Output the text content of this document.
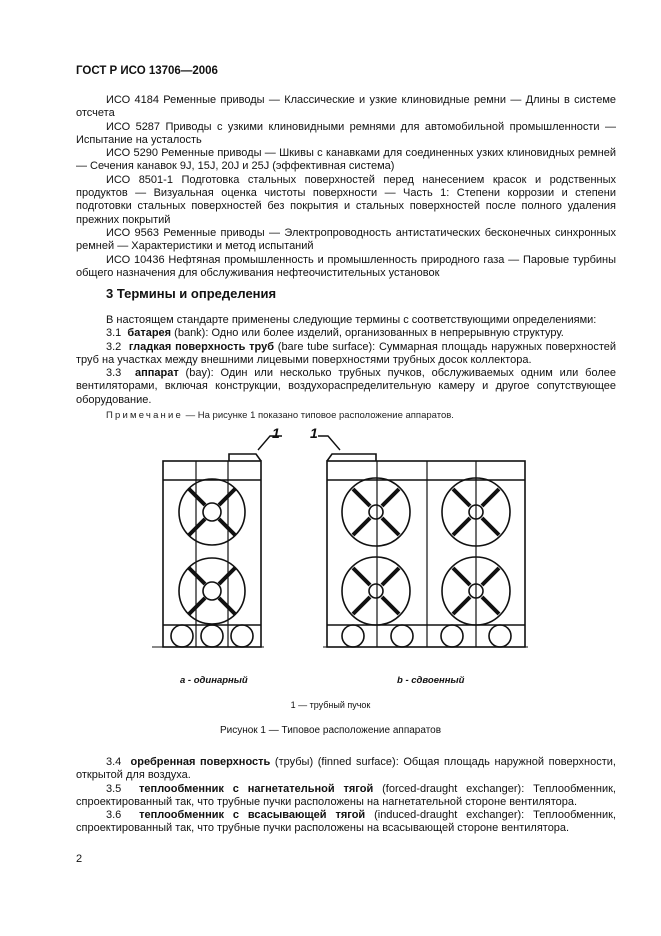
ГОСТ Р ИСО 13706—2006

ИСО 4184 Ременные приводы — Классические и узкие клиновидные ремни — Длины в системе отсчета

ИСО 5287 Приводы с узкими клиновидными ремнями для автомобильной промышленности — Испытание на усталость

ИСО 5290 Ременные приводы — Шкивы с канавками для соединенных узких клиновидных ремней — Сечения канавок 9J, 15J, 20J и 25J (эффективная система)

ИСО 8501-1 Подготовка стальных поверхностей перед нанесением красок и родственных продуктов — Визуальная оценка чистоты поверхности — Часть 1: Степени коррозии и степени подготовки стальных поверхностей без покрытия и стальных поверхностей после полного удаления прежних покрытий

ИСО 9563 Ременные приводы — Электропроводность антистатических бесконечных синхронных ремней — Характеристики и метод испытаний

ИСО 10436 Нефтяная промышленность и промышленность природного газа — Паровые турбины общего назначения для обслуживания нефтеочистительных установок

3 Термины и определения

В настоящем стандарте применены следующие термины с соответствующими определениями:

3.1 батарея (bank): Одно или более изделий, организованных в непрерывную структуру.

3.2 гладкая поверхность труб (bare tube surface): Суммарная площадь наружных поверхностей труб на участках между внешними лицевыми поверхностями трубных досок коллектора.

3.3 аппарат (bay): Один или несколько трубных пучков, обслуживаемых одним или более вентиляторами, включая конструкции, воздухораспределительную камеру и другое сопутствующее оборудование.

Примечание — На рисунке 1 показано типовое расположение аппаратов.
1 1
a - одинарный	b - сдвоенный
1 — трубный пучок
Рисунок 1 — Типовое расположение аппаратов

3.4 оребренная поверхность (трубы) (finned surface): Общая площадь наружной поверхности, открытой для воздуха.

3.5 теплообменник с нагнетательной тягой (forced-draught exchanger): Теплообменник, спроектированный так, что трубные пучки расположены на нагнетательной стороне вентилятора.

3.6 теплообменник с всасывающей тягой (induced-draught exchanger): Теплообменник, спроектированный так, что трубные пучки расположены на всасывающей стороне вентилятора.

2
